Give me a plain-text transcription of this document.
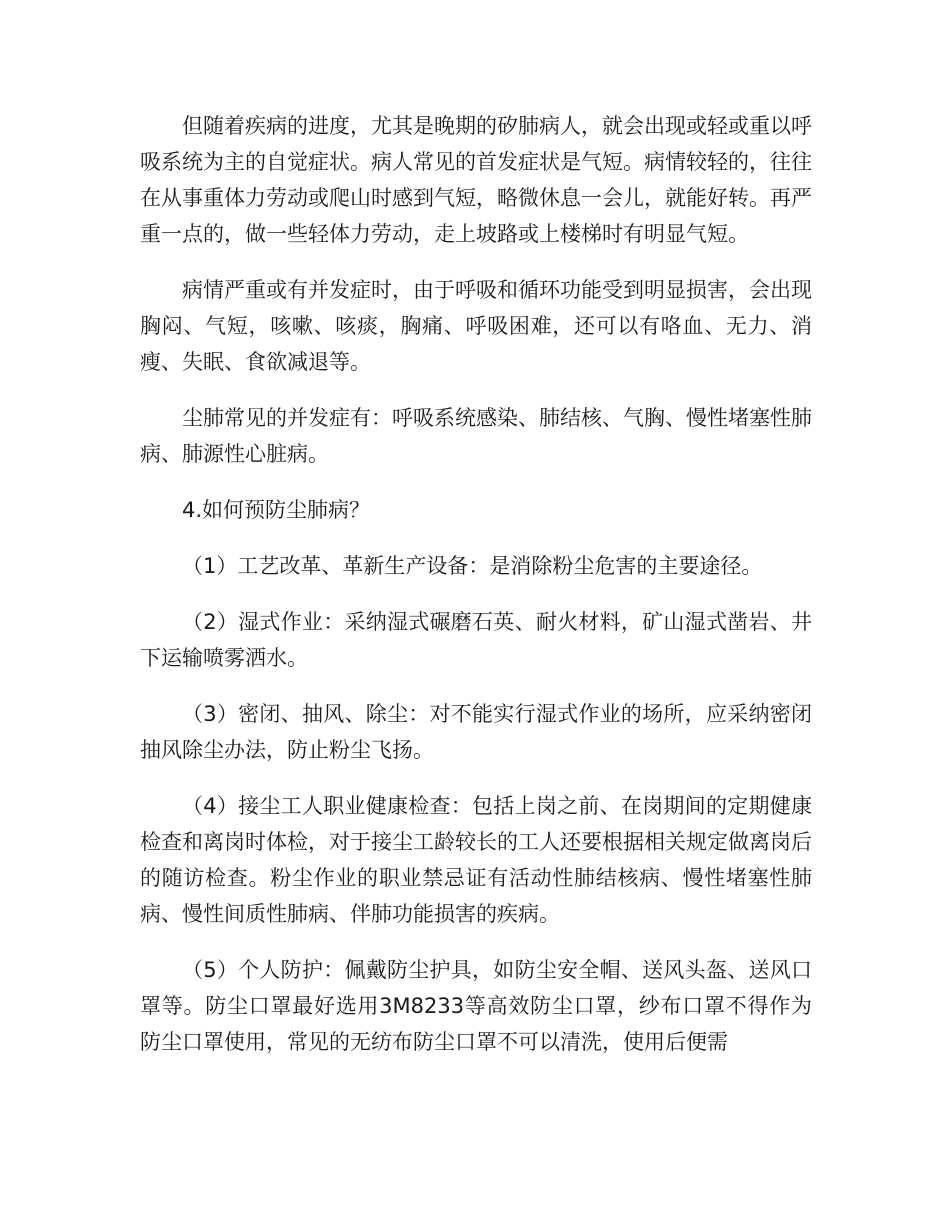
但随着疾病的进度，尤其是晚期的矽肺病人，就会出现或轻或重以呼吸系统为主的自觉症状。病人常见的首发症状是气短。病情较轻的，往往在从事重体力劳动或爬山时感到气短，略微休息一会儿，就能好转。再严重一点的，做一些轻体力劳动，走上坡路或上楼梯时有明显气短。

病情严重或有并发症时，由于呼吸和循环功能受到明显损害，会出现胸闷、气短，咳嗽、咳痰，胸痛、呼吸困难，还可以有咯血、无力、消瘦、失眠、食欲减退等。

尘肺常见的并发症有：呼吸系统感染、肺结核、气胸、慢性堵塞性肺病、肺源性心脏病。

4.如何预防尘肺病？

（1）工艺改革、革新生产设备：是消除粉尘危害的主要途径。

（2）湿式作业：采纳湿式碾磨石英、耐火材料，矿山湿式凿岩、井下运输喷雾洒水。

（3）密闭、抽风、除尘：对不能实行湿式作业的场所，应采纳密闭抽风除尘办法，防止粉尘飞扬。

（4）接尘工人职业健康检查：包括上岗之前、在岗期间的定期健康检查和离岗时体检，对于接尘工龄较长的工人还要根据相关规定做离岗后的随访检查。粉尘作业的职业禁忌证有活动性肺结核病、慢性堵塞性肺病、慢性间质性肺病、伴肺功能损害的疾病。

（5）个人防护：佩戴防尘护具，如防尘安全帽、送风头盔、送风口罩等。防尘口罩最好选用3M8233等高效防尘口罩，纱布口罩不得作为防尘口罩使用，常见的无纺布防尘口罩不可以清洗，使用后便需
